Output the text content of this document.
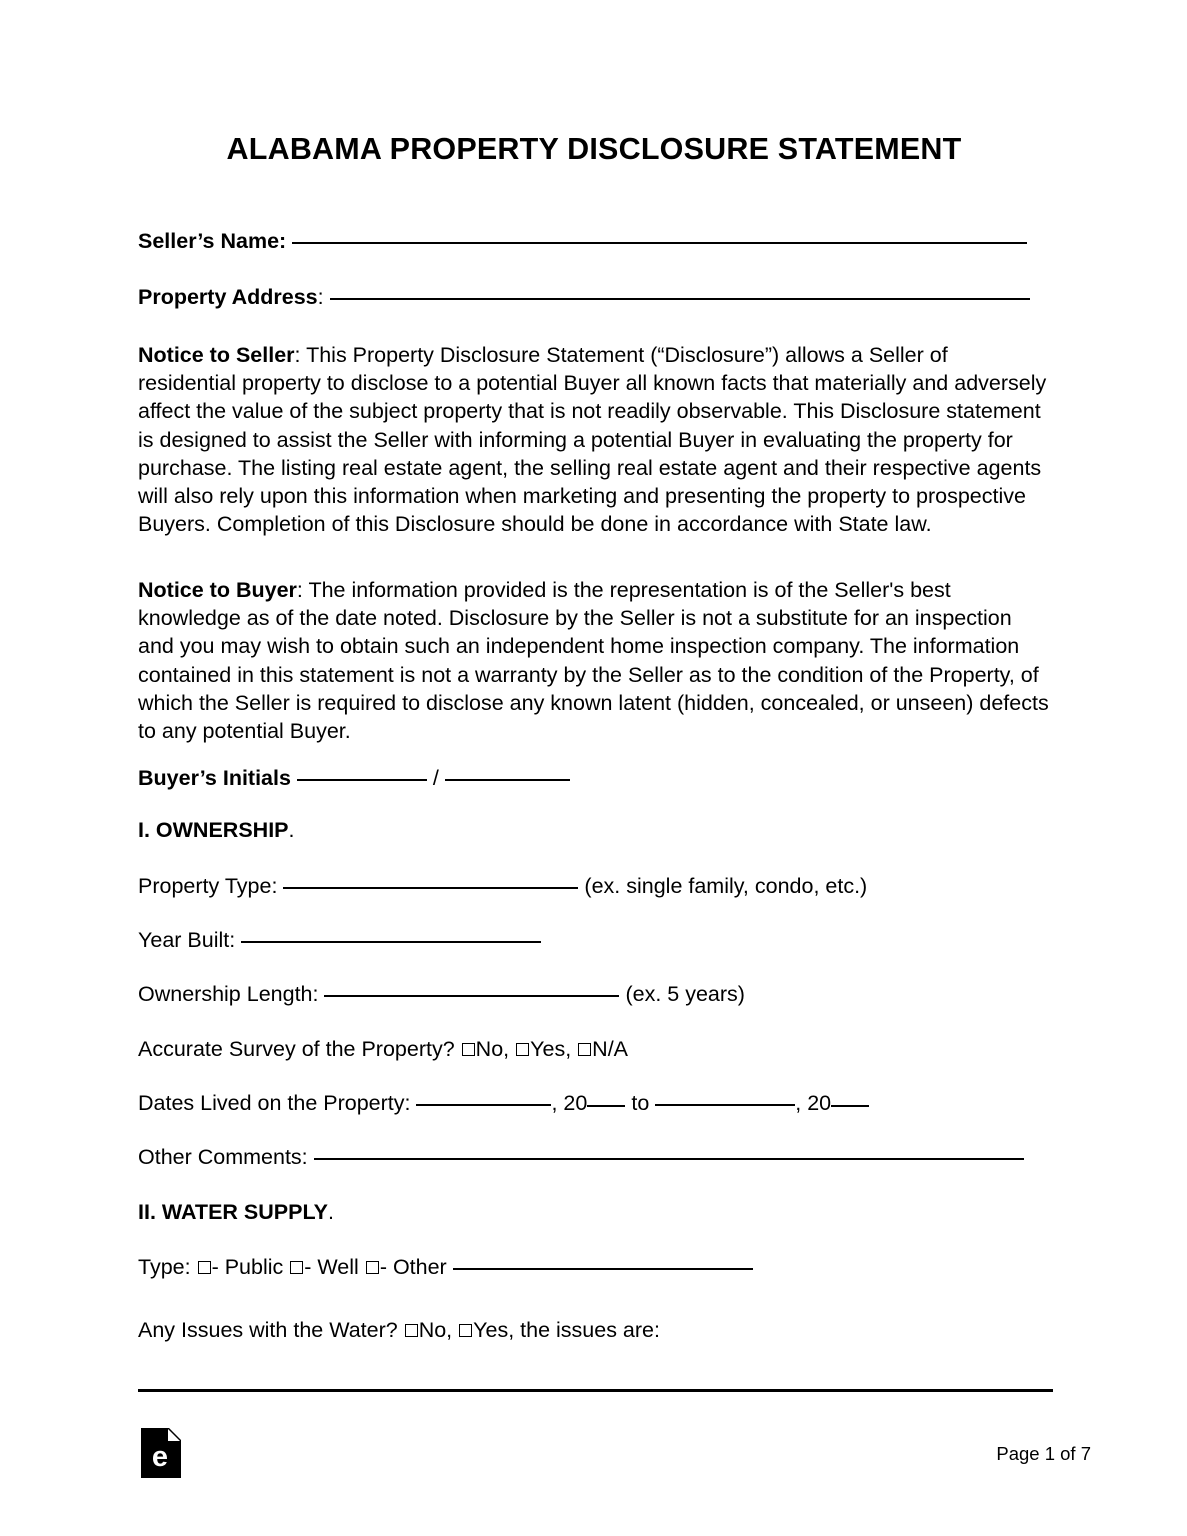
ALABAMA PROPERTY DISCLOSURE STATEMENT
Seller’s Name:
Property Address:
Notice to Seller: This Property Disclosure Statement (“Disclosure”) allows a Seller of residential property to disclose to a potential Buyer all known facts that materially and adversely affect the value of the subject property that is not readily observable. This Disclosure statement is designed to assist the Seller with informing a potential Buyer in evaluating the property for purchase. The listing real estate agent, the selling real estate agent and their respective agents will also rely upon this information when marketing and presenting the property to prospective Buyers. Completion of this Disclosure should be done in accordance with State law.
Notice to Buyer: The information provided is the representation is of the Seller's best knowledge as of the date noted. Disclosure by the Seller is not a substitute for an inspection and you may wish to obtain such an independent home inspection company. The information contained in this statement is not a warranty by the Seller as to the condition of the Property, of which the Seller is required to disclose any known latent (hidden, concealed, or unseen) defects to any potential Buyer.
Buyer’s Initials	/
I. OWNERSHIP.
Property Type:	(ex. single family, condo, etc.)
Year Built:
Ownership Length:	(ex. 5 years)
Accurate Survey of the Property? No, Yes, N/A
Dates Lived on the Property:	, 20 to	, 20
Other Comments:
II. WATER SUPPLY.
Type: - Public - Well - Other
Any Issues with the Water? No, Yes, the issues are:
e	Page 1 of 7
